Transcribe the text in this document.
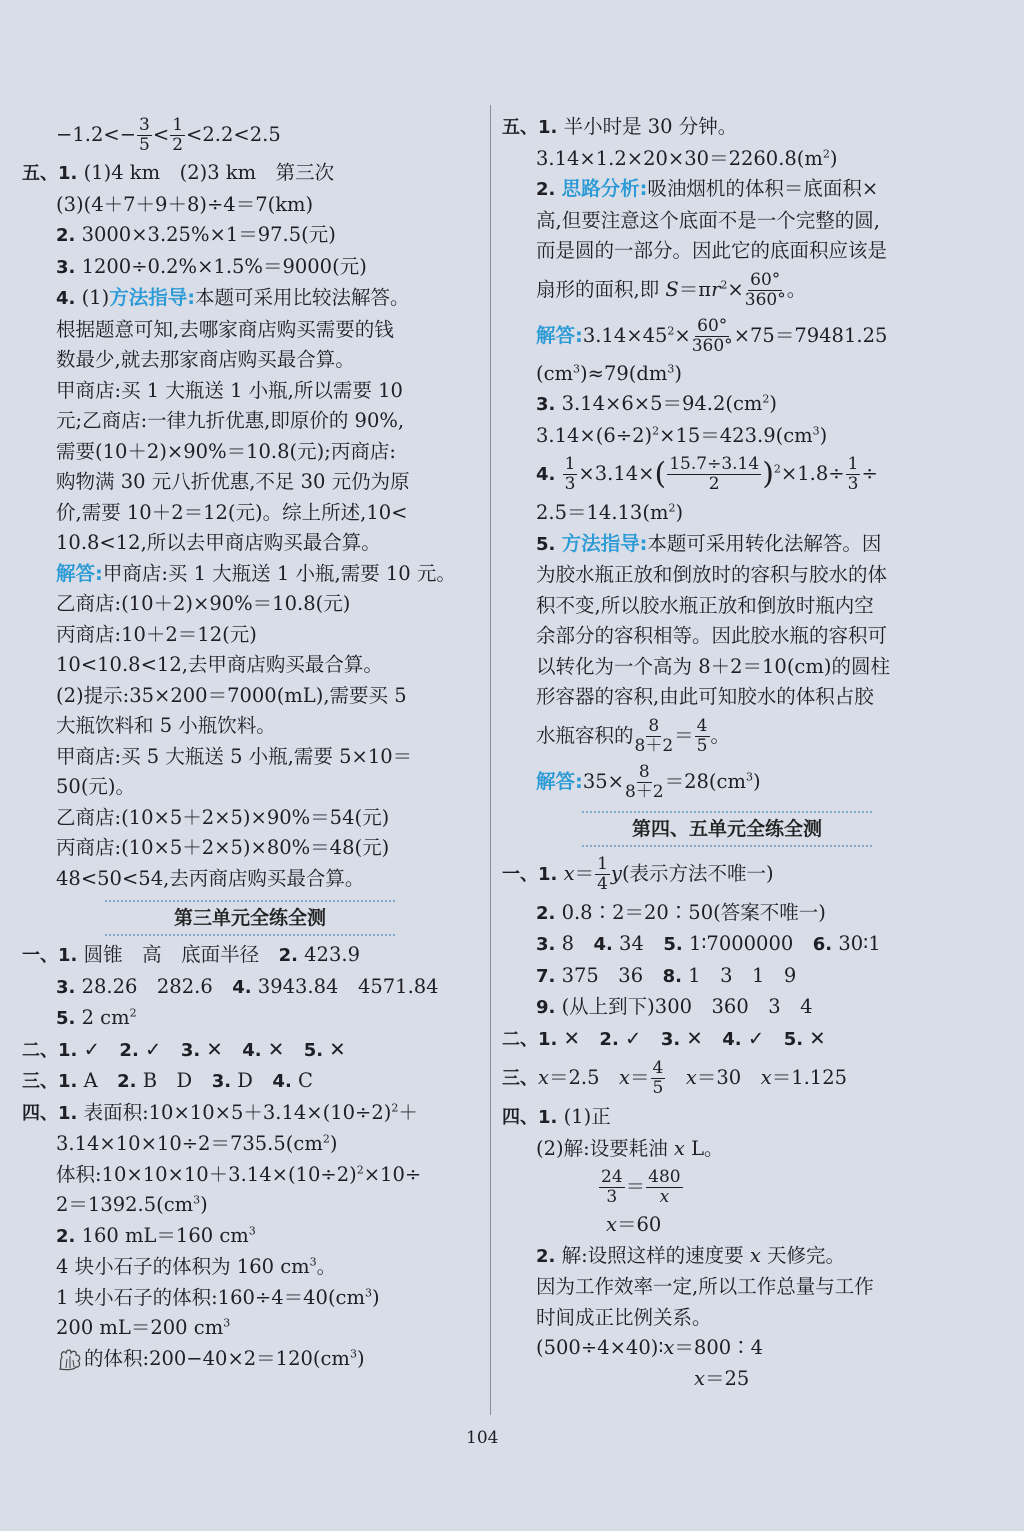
$-1.2<- \frac{3}{5} < \frac{1}{2} <2.2<2.5$
五、1. (1)4 km　(2)3 km　第三次
(3)(4＋7＋9＋8)÷4＝7(km)
2. 3000×3.25%×1＝97.5(元)
3. 1200÷0.2%×1.5%＝9000(元)
4. (1)方法指导:本题可采用比较法解答。
根据题意可知,去哪家商店购买需要的钱
数最少,就去那家商店购买最合算。
甲商店:买 1 大瓶送 1 小瓶,所以需要 10
元;乙商店:一律九折优惠,即原价的 90%,
需要(10＋2)×90%＝10.8(元);丙商店:
购物满 30 元八折优惠,不足 30 元仍为原
价,需要 10＋2＝12(元)。综上所述,10<
10.8<12,所以去甲商店购买最合算。
解答:甲商店:买 1 大瓶送 1 小瓶,需要 10 元。
乙商店:(10＋2)×90%＝10.8(元)
丙商店:10＋2＝12(元)
10<10.8<12,去甲商店购买最合算。
(2)提示:35×200＝7000(mL),需要买 5
大瓶饮料和 5 小瓶饮料。
甲商店:买 5 大瓶送 5 小瓶,需要 5×10＝
50(元)。
乙商店:(10×5＋2×5)×90%＝54(元)
丙商店:(10×5＋2×5)×80%＝48(元)
48<50<54,去丙商店购买最合算。
第三单元全练全测
一、1. 圆锥　高　底面半径　2. 423.9
3. 28.26　282.6　4. 3943.84　4571.84
5. 2 $cm^2$
二、1. ✓　2. ✓　3. ✕　4. ✕　5. ✕
三、1. A　2. B　D　3. D　4. C
四、1. 表面积$:10\times 10\times 5+3.14\times(10\div 2)^2+$
$3.14\times 10\times 10\div 2=735.5(cm^2)$
体积$:10\times 10\times 10+3.14\times(10\div 2)^2\times 10\div$
$2=1392.5(cm^3)$
2. 160 mL＝160 $cm^3$
4 块小石子的体积为 160 $cm^3$。
1 块小石子的体积$:160\div 4=40(cm^3)$
200 mL＝200 $cm^3$
的体积$:200-40\times 2=120(cm^3)$
五、1. 半小时是 30 分钟。
$3.14\times 1.2\times 20\times 30=2260.8(m^2)$
2. 思路分析:吸油烟机的体积＝底面积×
高,但要注意这个底面不是一个完整的圆,
而是圆的一部分。因此它的底面积应该是
扇形的面积,即 $S=\pi r^2\times \frac{60^\circ}{360^\circ}$ 。
解答$:3.14\times 45^2\times \frac{60^\circ}{360^\circ} \times 75=79481.25$
$(cm^3)\approx 79(dm^3)$
3. $3.14\times 6\times 5=94.2(cm^2)$
$3.14\times(6\div 2)^2\times 15=423.9(cm^3)$
4. $\frac{1}{3} \times 3.14\times( \frac{15.7\div 3.14}{2} )^2\times 1.8\div \frac{1}{3}$ ÷
$2.5=14.13(m^2)$
5. 方法指导:本题可采用转化法解答。因
为胶水瓶正放和倒放时的容积与胶水的体
积不变,所以胶水瓶正放和倒放时瓶内空
余部分的容积相等。因此胶水瓶的容积可
以转化为一个高为 8＋2＝10(cm)的圆柱
形容器的容积,由此可知胶水的体积占胶
水瓶容积的 $\frac{8}{8+2} = \frac{4}{5}$ 。
解答:35× $\frac{8}{8+2} =28(cm^3)$
第四、五单元全练全测
一、1. $x= \frac{1}{4} y$(表示方法不唯一)
2. 0.8∶2＝20∶50(答案不唯一)
3. 8　4. 34　5. 1∶7000000　6. 30∶1
7. 375　36　8. 1　3　1　9
9. (从上到下)300　360　3　4
二、1. ✕　2. ✓　3. ✕　4. ✓　5. ✕
三、x＝2.5　$x= \frac{4}{5}$
　 x＝30　x＝1.125
四、1. (1)正
(2)解:设要耗油 x L。
$\frac{24}{3} = \frac{480}{x}$
x＝60
2. 解:设照这样的速度要 x 天修完。
因为工作效率一定,所以工作总量与工作
时间成正比例关系。
(500÷4×40)∶x＝800∶4
x＝25
104
